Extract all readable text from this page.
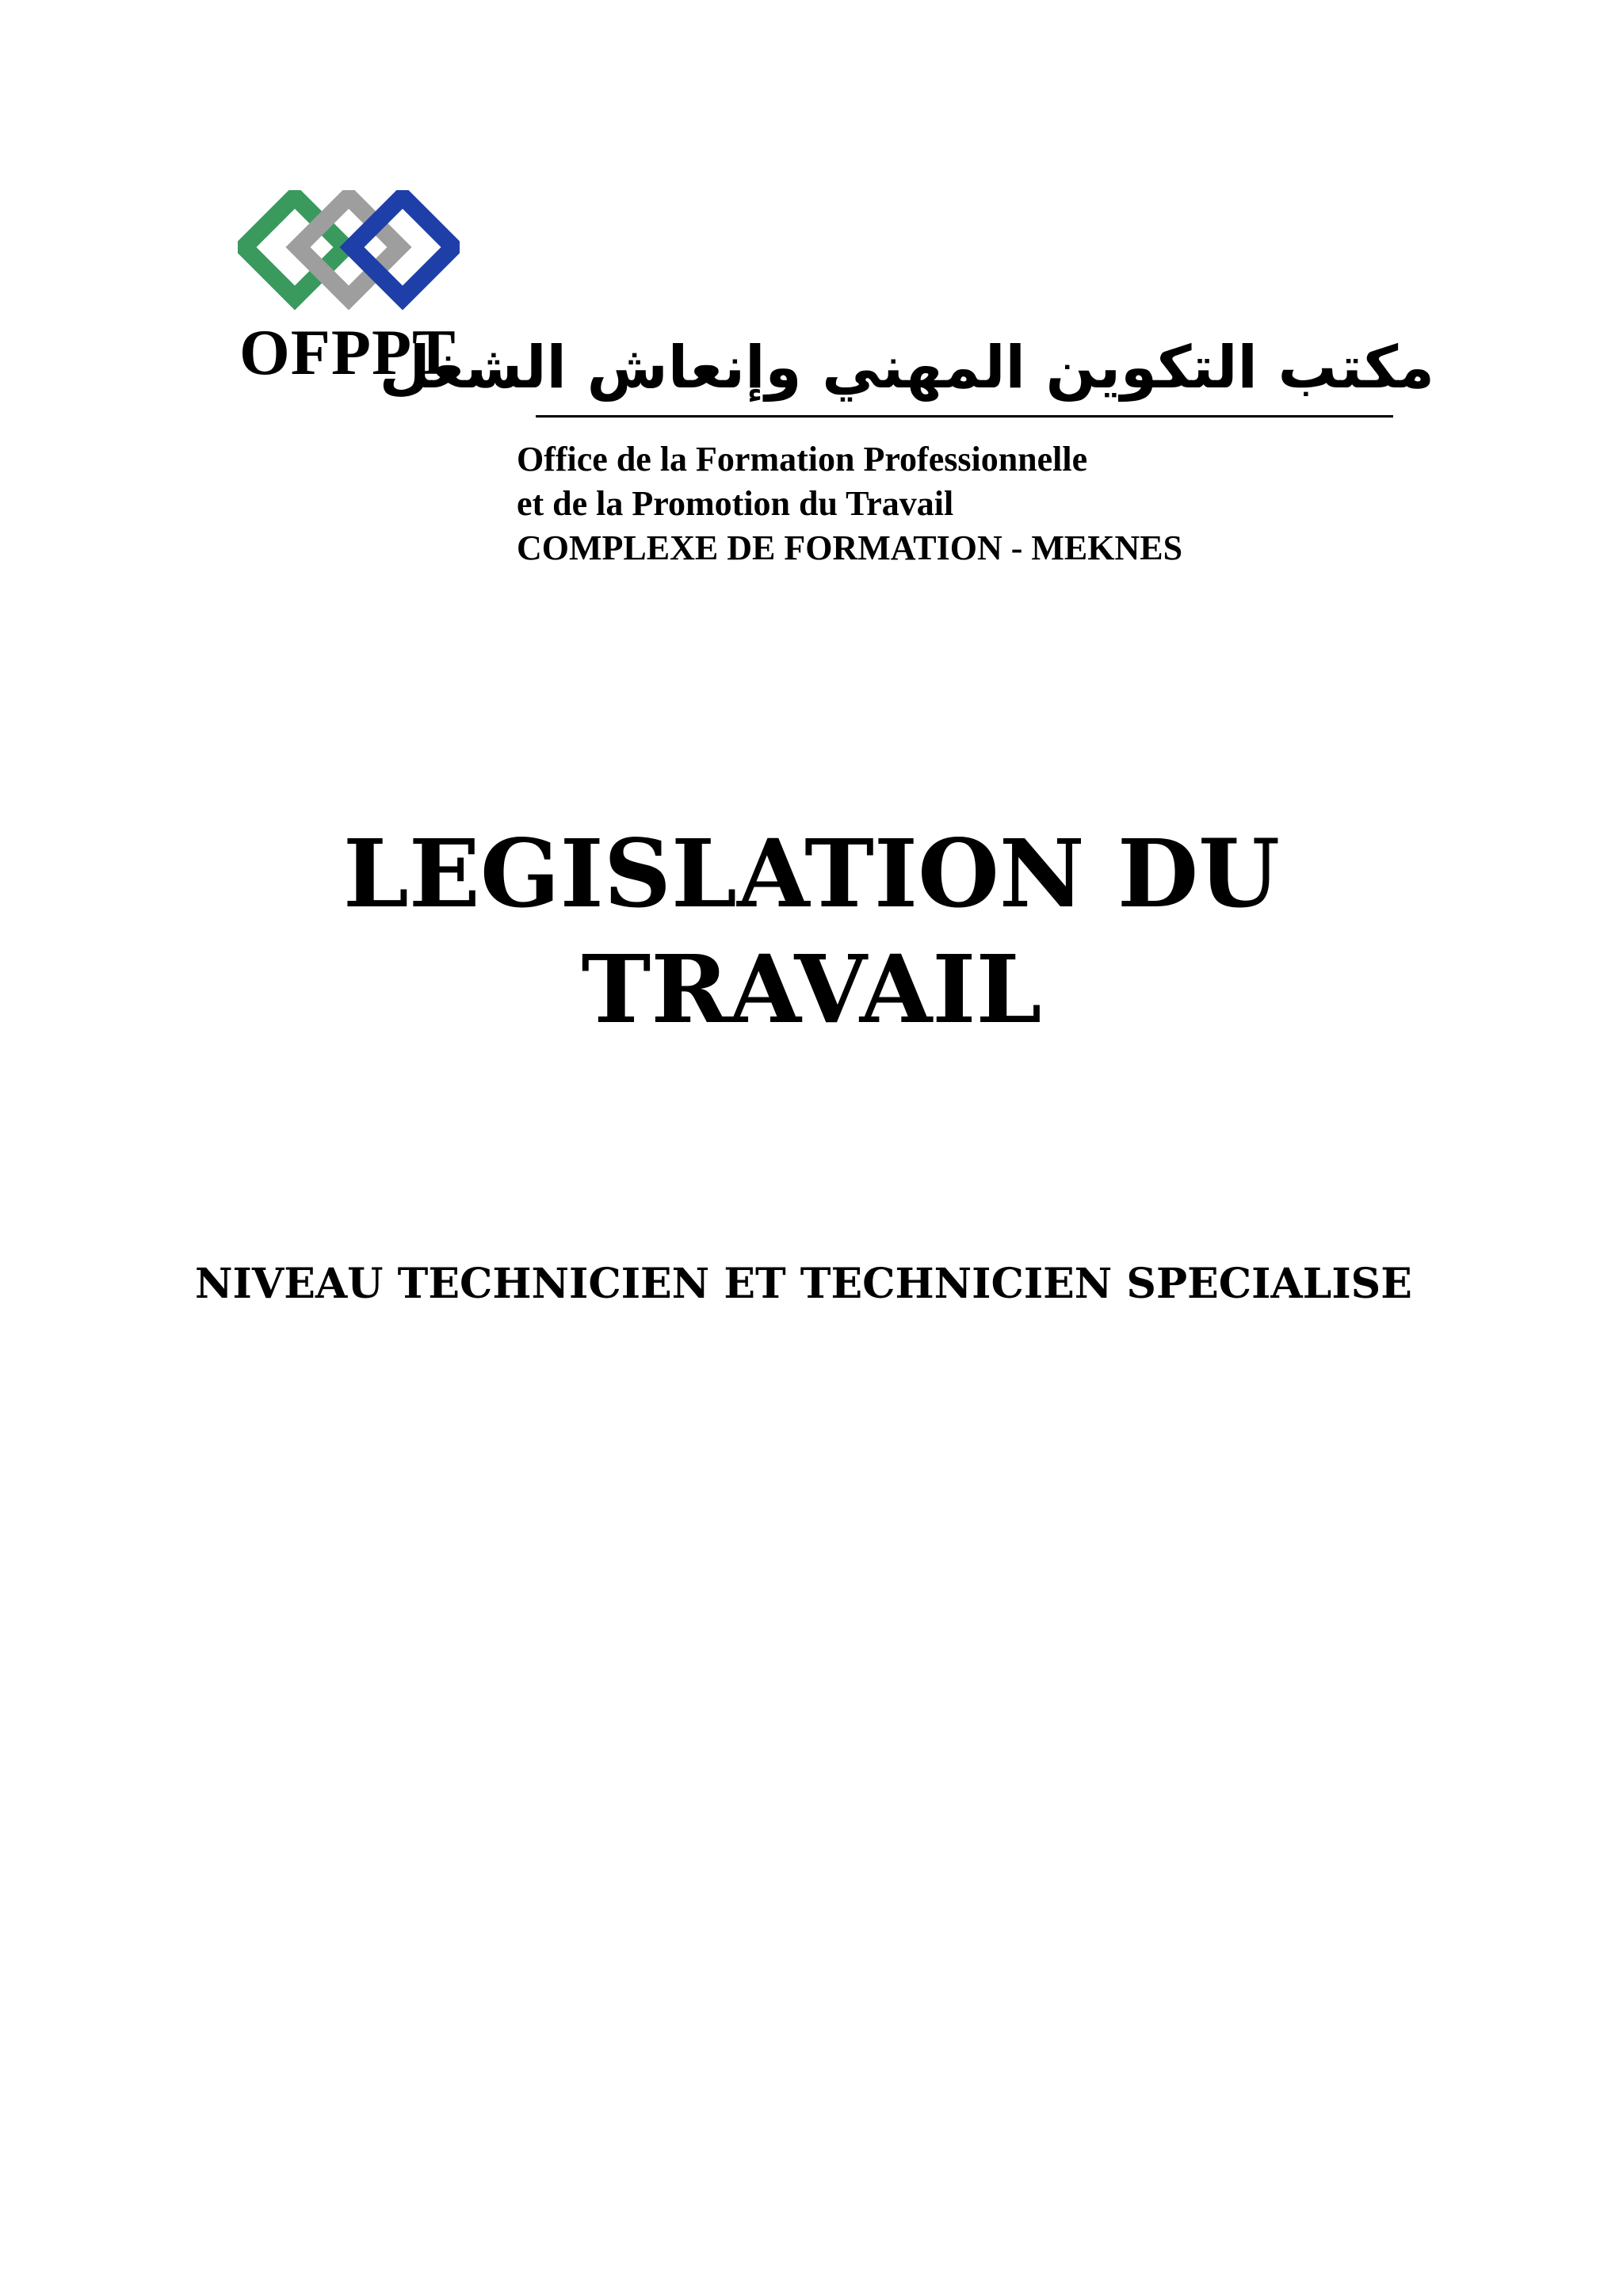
OFPPT
مكتب التكوين المهني وإنعاش الشغل
Office de la Formation Professionnelle
et de la Promotion du Travail
COMPLEXE DE FORMATION - MEKNES
LEGISLATION DU
TRAVAIL
NIVEAU TECHNICIEN ET TECHNICIEN SPECIALISE
